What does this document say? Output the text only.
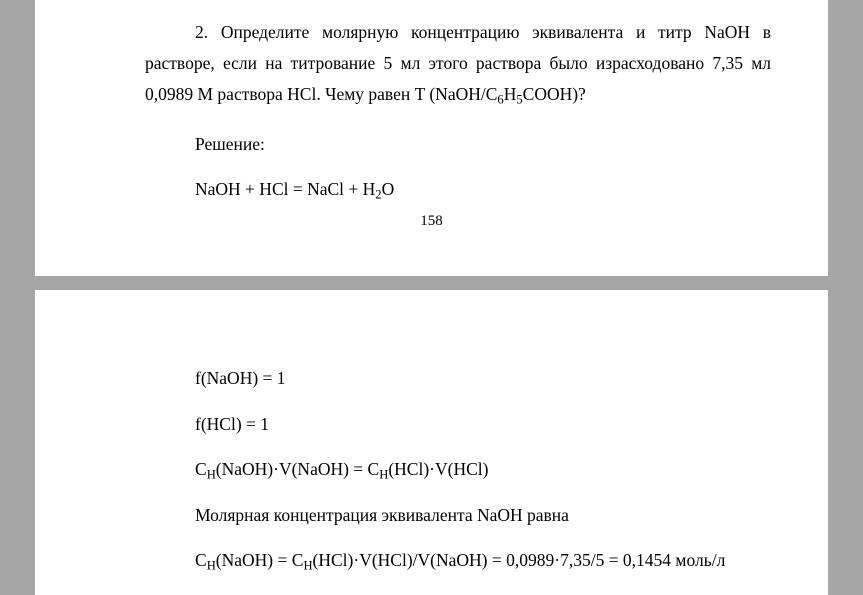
2. Определите молярную концентрацию эквивалента и титр NaOH в растворе, если на титрование 5 мл этого раствора было израсходовано 7,35 мл 0,0989 М раствора HCl. Чему равен T $(NaOH/C_6H_5COOH)$?
Решение:
NaOH + HCl = NaCl + $H_2O$
158
f(NaOH) = 1
f(HCl) = 1
$C_H(NaOH)\cdot V(NaOH) = C_H(HCl)\cdot V(HCl)$
Молярная концентрация эквивалента NaOH равна
$C_H(NaOH)$ = $C_H(HCl)\cdot V(HCl)/V(NaOH) = 0,0989\cdot 7,35/5 = 0,1454$ моль/л
